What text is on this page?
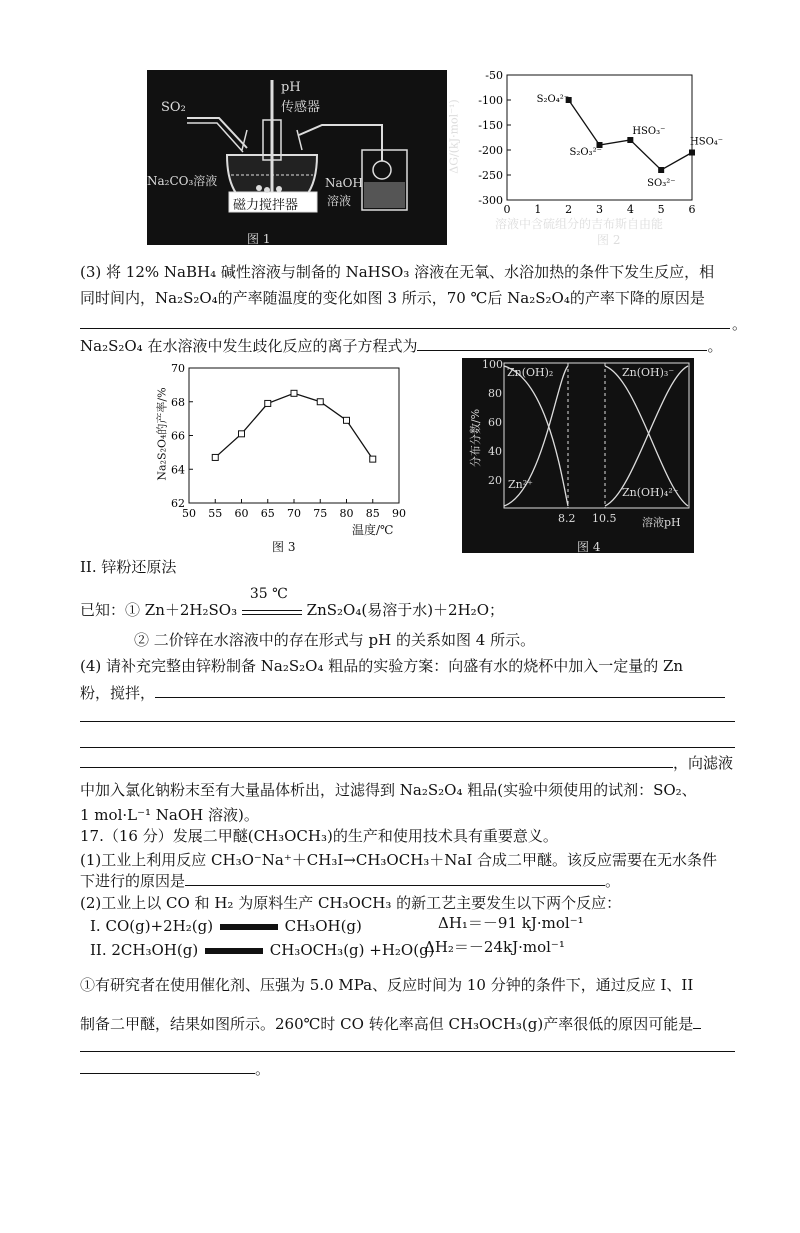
SO₂
pH
传感器
Na₂CO₃溶液
磁力搅拌器
NaOH
溶液
图 1
-50
-100
-150
-200
-250
-300
0 1 2 3 4 5 6
S₂O₄²⁻
S₂O₃²⁻
HSO₃⁻
SO₃²⁻
HSO₄⁻
ΔG/(kJ·mol⁻¹)
溶液中含硫组分的吉布斯自由能
图 2
(3) 将 12% NaBH₄ 碱性溶液与制备的 NaHSO₃ 溶液在无氧、水浴加热的条件下发生反应，相
同时间内，Na₂S₂O₄的产率随温度的变化如图 3 所示，70 ℃后 Na₂S₂O₄的产率下降的原因是
。
Na₂S₂O₄ 在水溶液中发生歧化反应的离子方程式为	。
62
64
66
68
70
50 55 60 65 70 75 80 85 90
Na₂S₂O₄的产率/%
温度/℃
图 3
100
80
60
40
20
8.2 10.5 溶液pH
分布分数/%
Zn(OH)₂	Zn(OH)₃⁻
Zn²⁺
Zn(OH)₄²⁻
图 4
II. 锌粉还原法
已知：① Zn＋2H₂SO₃
35 ℃
ZnS₂O₄(易溶于水)＋2H₂O；
② 二价锌在水溶液中的存在形式与 pH 的关系如图 4 所示。
(4) 请补充完整由锌粉制备 Na₂S₂O₄ 粗品的实验方案：向盛有水的烧杯中加入一定量的 Zn
粉，搅拌，
，向滤液
中加入氯化钠粉末至有大量晶体析出，过滤得到 Na₂S₂O₄ 粗品(实验中须使用的试剂：SO₂、
1 mol·L⁻¹ NaOH 溶液)。
17.（16 分）发展二甲醚(CH₃OCH₃)的生产和使用技术具有重要意义。
(1)工业上利用反应 CH₃O⁻Na⁺＋CH₃I→CH₃OCH₃＋NaI 合成二甲醚。该反应需要在无水条件
下进行的原因是	。
(2)工业上以 CO 和 H₂ 为原料生产 CH₃OCH₃ 的新工艺主要发生以下两个反应：
I. CO(g)+2H₂(g)	CH₃OH(g)	ΔH₁＝－91 kJ·mol⁻¹
II. 2CH₃OH(g)	CH₃OCH₃(g) +H₂O(g)
ΔH₂＝－24kJ·mol⁻¹
①有研究者在使用催化剂、压强为 5.0 MPa、反应时间为 10 分钟的条件下，通过反应 I、II
制备二甲醚，结果如图所示。260℃时 CO 转化率高但 CH₃OCH₃(g)产率很低的原因可能是
。
